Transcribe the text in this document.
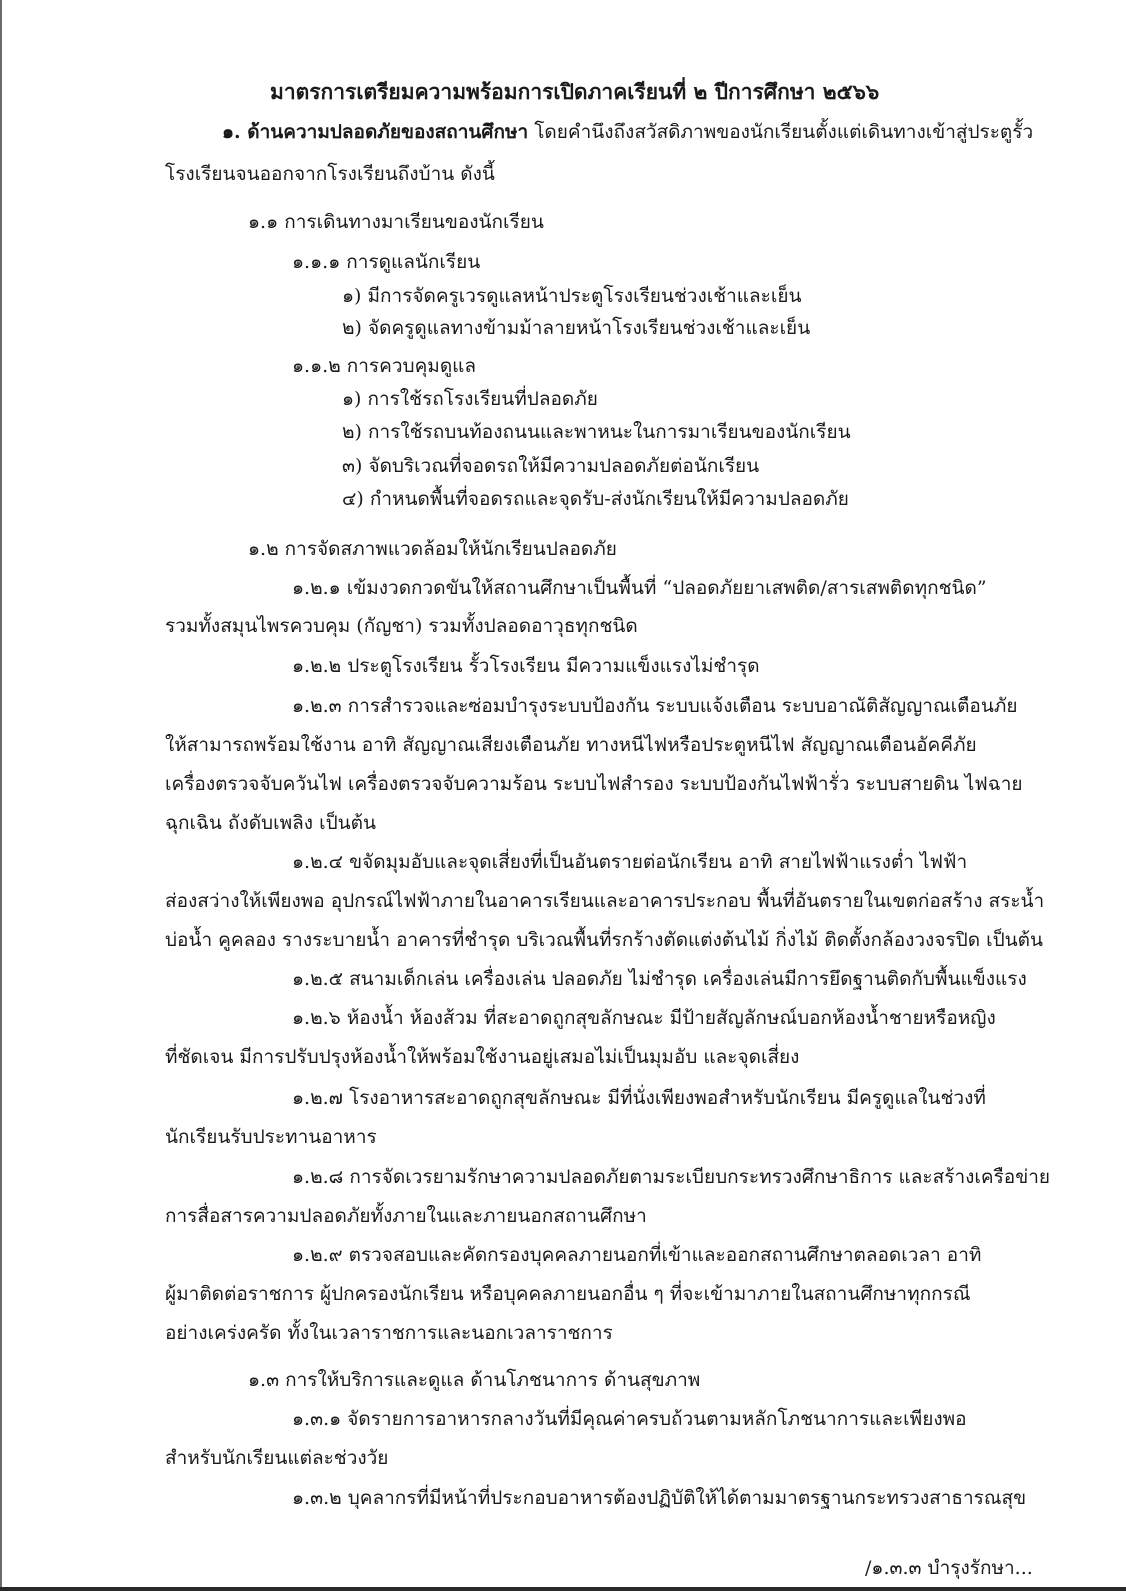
มาตรการเตรียมความพร้อมการเปิดภาคเรียนที่ ๒ ปีการศึกษา ๒๕๖๖
๑. ด้านความปลอดภัยของสถานศึกษา โดยคำนึงถึงสวัสดิภาพของนักเรียนตั้งแต่เดินทางเข้าสู่ประตูรั้ว
โรงเรียนจนออกจากโรงเรียนถึงบ้าน ดังนี้
๑.๑ การเดินทางมาเรียนของนักเรียน
๑.๑.๑ การดูแลนักเรียน
๑) มีการจัดครูเวรดูแลหน้าประตูโรงเรียนช่วงเช้าและเย็น
๒) จัดครูดูแลทางข้ามม้าลายหน้าโรงเรียนช่วงเช้าและเย็น
๑.๑.๒ การควบคุมดูแล
๑) การใช้รถโรงเรียนที่ปลอดภัย
๒) การใช้รถบนท้องถนนและพาหนะในการมาเรียนของนักเรียน
๓) จัดบริเวณที่จอดรถให้มีความปลอดภัยต่อนักเรียน
๔) กำหนดพื้นที่จอดรถและจุดรับ-ส่งนักเรียนให้มีความปลอดภัย
๑.๒ การจัดสภาพแวดล้อมให้นักเรียนปลอดภัย
๑.๒.๑ เข้มงวดกวดขันให้สถานศึกษาเป็นพื้นที่ “ปลอดภัยยาเสพติด/สารเสพติดทุกชนิด”
รวมทั้งสมุนไพรควบคุม (กัญชา) รวมทั้งปลอดอาวุธทุกชนิด
๑.๒.๒ ประตูโรงเรียน รั้วโรงเรียน มีความแข็งแรงไม่ชำรุด
๑.๒.๓ การสำรวจและซ่อมบำรุงระบบป้องกัน ระบบแจ้งเตือน ระบบอาณัติสัญญาณเตือนภัย
ให้สามารถพร้อมใช้งาน อาทิ สัญญาณเสียงเตือนภัย ทางหนีไฟหรือประตูหนีไฟ สัญญาณเตือนอัคคีภัย
เครื่องตรวจจับควันไฟ เครื่องตรวจจับความร้อน ระบบไฟสำรอง ระบบป้องกันไฟฟ้ารั่ว ระบบสายดิน ไฟฉาย
ฉุกเฉิน ถังดับเพลิง เป็นต้น
๑.๒.๔ ขจัดมุมอับและจุดเสี่ยงที่เป็นอันตรายต่อนักเรียน อาทิ สายไฟฟ้าแรงต่ำ ไฟฟ้า
ส่องสว่างให้เพียงพอ อุปกรณ์ไฟฟ้าภายในอาคารเรียนและอาคารประกอบ พื้นที่อันตรายในเขตก่อสร้าง สระน้ำ
บ่อน้ำ คูคลอง รางระบายน้ำ อาคารที่ชำรุด บริเวณพื้นที่รกร้างตัดแต่งต้นไม้ กิ่งไม้ ติดตั้งกล้องวงจรปิด เป็นต้น
๑.๒.๕ สนามเด็กเล่น เครื่องเล่น ปลอดภัย ไม่ชำรุด เครื่องเล่นมีการยึดฐานติดกับพื้นแข็งแรง
๑.๒.๖ ห้องน้ำ ห้องส้วม ที่สะอาดถูกสุขลักษณะ มีป้ายสัญลักษณ์บอกห้องน้ำชายหรือหญิง
ที่ชัดเจน มีการปรับปรุงห้องน้ำให้พร้อมใช้งานอยู่เสมอไม่เป็นมุมอับ และจุดเสี่ยง
๑.๒.๗ โรงอาหารสะอาดถูกสุขลักษณะ มีที่นั่งเพียงพอสำหรับนักเรียน มีครูดูแลในช่วงที่
นักเรียนรับประทานอาหาร
๑.๒.๘ การจัดเวรยามรักษาความปลอดภัยตามระเบียบกระทรวงศึกษาธิการ และสร้างเครือข่าย
การสื่อสารความปลอดภัยทั้งภายในและภายนอกสถานศึกษา
๑.๒.๙ ตรวจสอบและคัดกรองบุคคลภายนอกที่เข้าและออกสถานศึกษาตลอดเวลา อาทิ
ผู้มาติดต่อราชการ ผู้ปกครองนักเรียน หรือบุคคลภายนอกอื่น ๆ ที่จะเข้ามาภายในสถานศึกษาทุกกรณี
อย่างเคร่งครัด ทั้งในเวลาราชการและนอกเวลาราชการ
๑.๓ การให้บริการและดูแล ด้านโภชนาการ ด้านสุขภาพ
๑.๓.๑ จัดรายการอาหารกลางวันที่มีคุณค่าครบถ้วนตามหลักโภชนาการและเพียงพอ
สำหรับนักเรียนแต่ละช่วงวัย
๑.๓.๒ บุคลากรที่มีหน้าที่ประกอบอาหารต้องปฏิบัติให้ได้ตามมาตรฐานกระทรวงสาธารณสุข
/๑.๓.๓ บำรุงรักษา...
